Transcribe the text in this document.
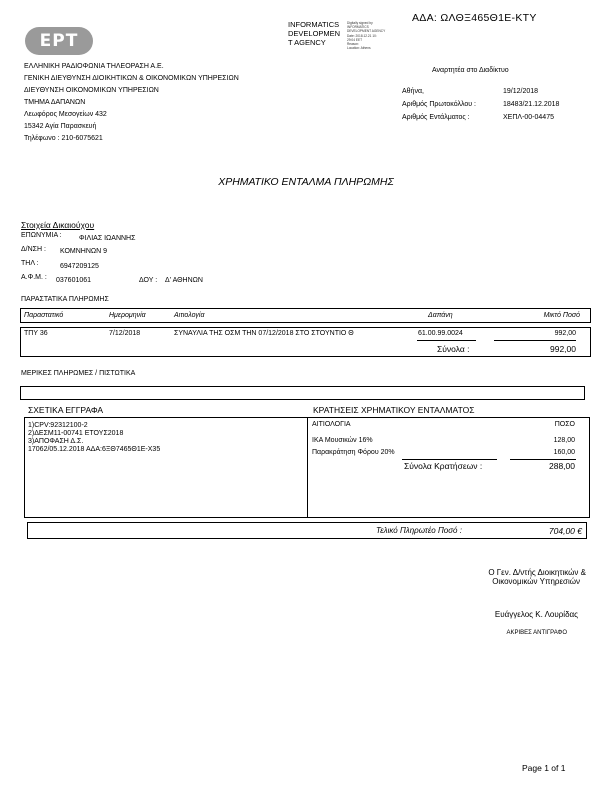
ΕΡΤ
INFORMATICS
DEVELOPMEN
T AGENCY
Digitally signed by
INFORMATICS
DEVELOPMENT AGENCY
Date: 2018.12.21 10:
29:04 EET
Reason:
Location: Athens
ΑΔΑ: ΩΛΘΞ465Θ1Ε-ΚΤΥ
ΕΛΛΗΝΙΚΗ ΡΑΔΙΟΦΩΝΙΑ ΤΗΛΕΟΡΑΣΗ Α.Ε.
ΓΕΝΙΚΗ ΔΙΕΥΘΥΝΣΗ ΔΙΟΙΚΗΤΙΚΩΝ & ΟΙΚΟΝΟΜΙΚΩΝ ΥΠΗΡΕΣΙΩΝ
ΔΙΕΥΘΥΝΣΗ ΟΙΚΟΝΟΜΙΚΩΝ ΥΠΗΡΕΣΙΩΝ
ΤΜΗΜΑ ΔΑΠΑΝΩΝ
Λεωφόρος Μεσογείων 432
15342 Αγία Παρασκευή
Τηλέφωνο : 210-6075621
Αναρτητέα στο Διαδίκτυο
Αθήνα,	19/12/2018
Αριθμός Πρωτοκόλλου :	18483/21.12.2018
Αριθμός Εντάλματος :	ΧΕΠΛ-00-04475
ΧΡΗΜΑΤΙΚΟ ΕΝΤΑΛΜΑ ΠΛΗΡΩΜΗΣ
Στοιχεία Δικαιούχου
ΕΠΩΝΥΜΙΑ : ΦΙΛΙΑΣ ΙΩΑΝΝΗΣ
Δ/ΝΣΗ : ΚΟΜΝΗΝΩΝ 9
ΤΗΛ :	6947209125
Α.Φ.Μ. : 037601061	ΔΟΥ : Δ' ΑΘΗΝΩΝ
ΠΑΡΑΣΤΑΤΙΚΑ ΠΛΗΡΩΜΗΣ
Παραστατικό	Ημερομηνία	Αιτιολογία	Δαπάνη	Μικτό Ποσό
ΤΠΥ 36	7/12/2018	ΣΥΝΑΥΛΙΑ ΤΗΣ ΟΣΜ ΤΗΝ 07/12/2018 ΣΤΟ ΣΤΟΥΝΤΙΟ Θ	61.00.99.0024	992,00
Σύνολα :	992,00
ΜΕΡΙΚΕΣ ΠΛΗΡΩΜΕΣ / ΠΙΣΤΩΤΙΚΑ
ΣΧΕΤΙΚΑ ΕΓΓΡΑΦΑ	ΚΡΑΤΗΣΕΙΣ ΧΡΗΜΑΤΙΚΟΥ ΕΝΤΑΛΜΑΤΟΣ
1)CPV:92312100-2
2)ΔΕΣΜ11-00741 ΕΤΟΥΣ2018
3)ΑΠΟΦΑΣΗ Δ.Σ.
17062/05.12.2018 ΑΔΑ:6ΞΘ7465Θ1Ε-Χ35
ΑΙΤΙΟΛΟΓΙΑ	ΠΟΣΟ
ΙΚΑ Μουσικών 16%	128,00
Παρακράτηση Φόρου 20%	160,00
Σύνολα Κρατήσεων :	288,00
Τελικό Πληρωτέο Ποσό :	704,00 €
Ο Γεν. Δ/ντής Διοικητικών &
Οικονομικών Υπηρεσιών
Ευάγγελος Κ. Λουρίδας
ΑΚΡΙΒΕΣ ΑΝΤΙΓΡΑΦΟ
Page 1 of 1
